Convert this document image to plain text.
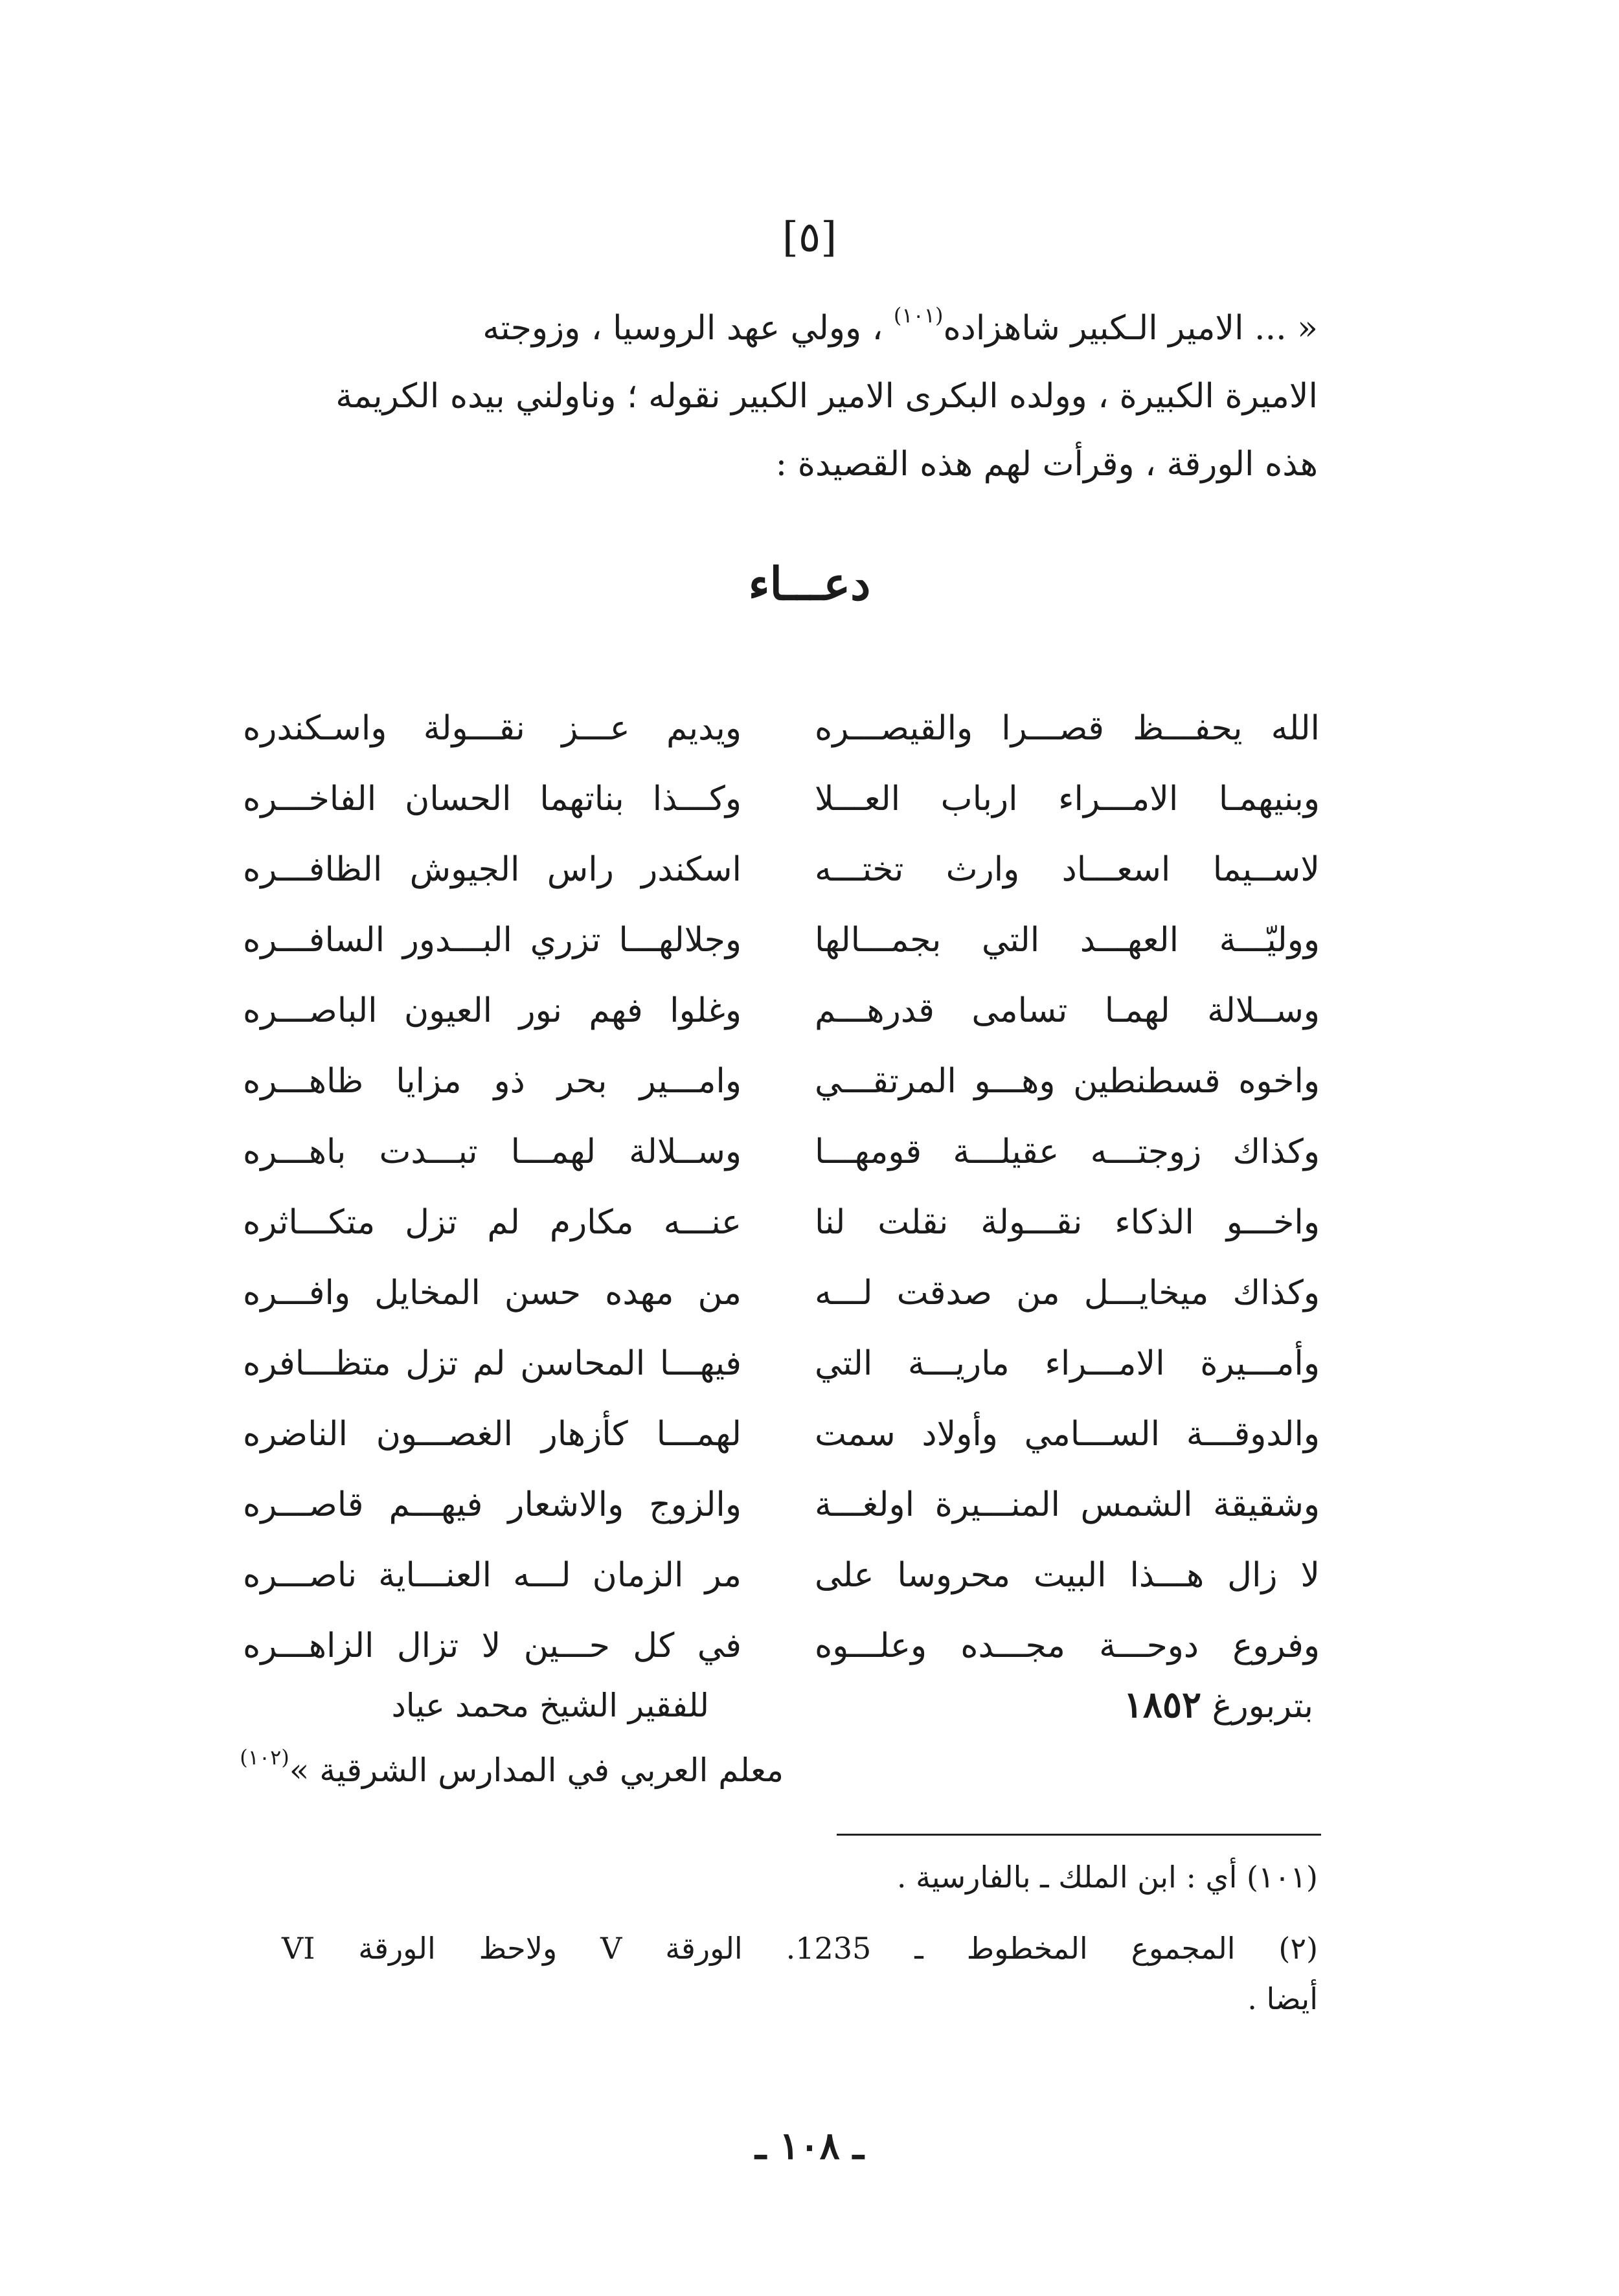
[٥]

« ... الامير الـكبير شاهزاده$^{(١٠١)}$ ، وولي عهد الروسيا ، وزوجته

الاميرة الكبيرة ، وولده البكرى الامير الكبير نقوله ؛ وناولني بيده الكريمة

هذه الورقة ، وقرأت لهم هذه القصيدة :

دعـــاء
الله يحفـــظ قصـــرا والقيصـــره
ويديم عـــز نقـــولة واسـكندره
وبنيهمـا الامـــراء ارباب العـــلا
وكـــذا بناتهما الحسان الفاخـــره
لاســيما اسعـــاد وارث تختـــه
اسكندر راس الجيوش الظافـــره
ووليّـــة العهـــد التي بجمـــالها
وجلالهـــا تزري البـــدور السافـــره
وســلالة لهمـا تسامى قدرهـــم
وغلوا فهم نور العيون الباصـــره
واخوه قسطنطين وهـــو المرتقـــي
وامـــير بحر ذو مزايا ظاهـــره
وكذاك زوجتـــه عقيلـــة قومهـــا
وســلالة لهمـــا تبـــدت باهـــره
واخـــو الذكاء نقـــولة نقلت لنا
عنـــه مكارم لم تزل متكـــاثره
وكذاك ميخايـــل من صدقت لـــه
من مهده حسن المخايل وافـــره
وأمـــيرة الامـــراء ماريـــة التي
فيهـــا المحاسن لم تزل متظـــافره
والدوقـــة الســـامي وأولاد سمت
لهمـــا كأزهار الغصـــون الناضره
وشقيقة الشمس المنـــيرة اولغـــة
والزوج والاشعار فيهـــم قاصـــره
لا زال هـــذا البيت محروسا على
مر الزمان لـــه العنـــاية ناصـــره
وفروع دوحـــة مجـــده وعلـــوه
في كل حـــين لا تزال الزاهـــره
بتربورغ ١٨٥٢
للفقير الشيخ محمد عياد
معلم العربي في المدارس الشرقية »$^{(١٠٢)}$
(١٠١) أي : ابن الملك ـ بالفارسية .
(٢) المجموع المخطوط ـ 1235. الورقة V ولاحظ الورقة VI
أيضا .
ـ ١٠٨ ـ
